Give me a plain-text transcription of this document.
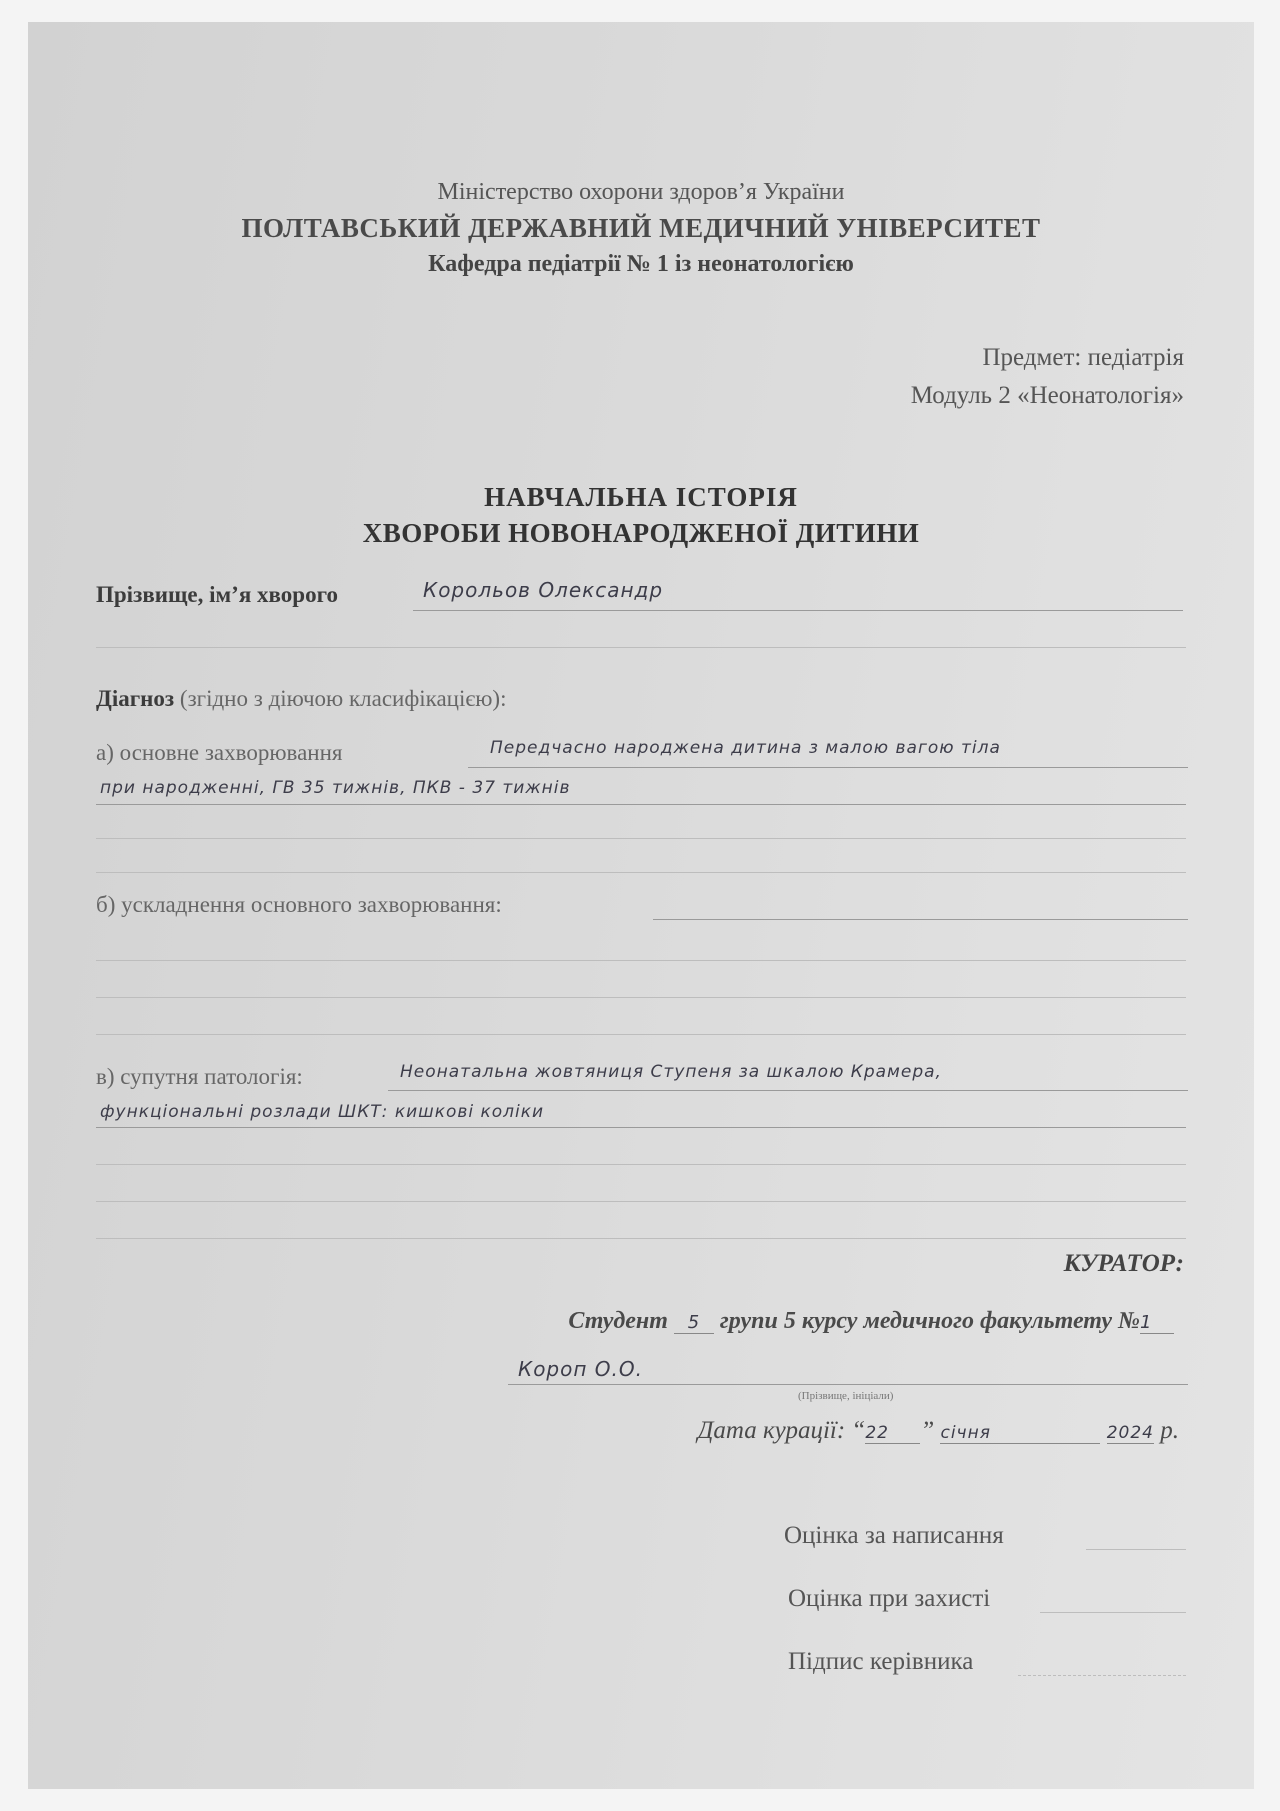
Міністерство охорони здоров’я України
ПОЛТАВСЬКИЙ ДЕРЖАВНИЙ МЕДИЧНИЙ УНІВЕРСИТЕТ
Кафедра педіатрії № 1 із неонатологією
Предмет: педіатрія
Модуль 2 «Неонатологія»
НАВЧАЛЬНА ІСТОРІЯ
ХВОРОБИ НОВОНАРОДЖЕНОЇ ДИТИНИ
Прізвище, ім’я хворого	Корольов Олександр
Діагноз (згідно з діючою класифікацією):
а) основне захворювання	Передчасно народжена дитина з малою вагою тіла
при народженні, ГВ 35 тижнів, ПКВ - 37 тижнів
б) ускладнення основного захворювання:
в) супутня патологія:	Неонатальна жовтяниця Ступеня за шкалою Крамера,
функціональні розлади ШКТ: кишкові коліки
КУРАТОР:
Студент 5 групи 5 курсу медичного факультету №1
Короп О.О.
(Прізвище, ініціали)
Дата курації: “22 ” січня	2024 р.
Оцінка за написання
Оцінка при захисті
Підпис керівника
